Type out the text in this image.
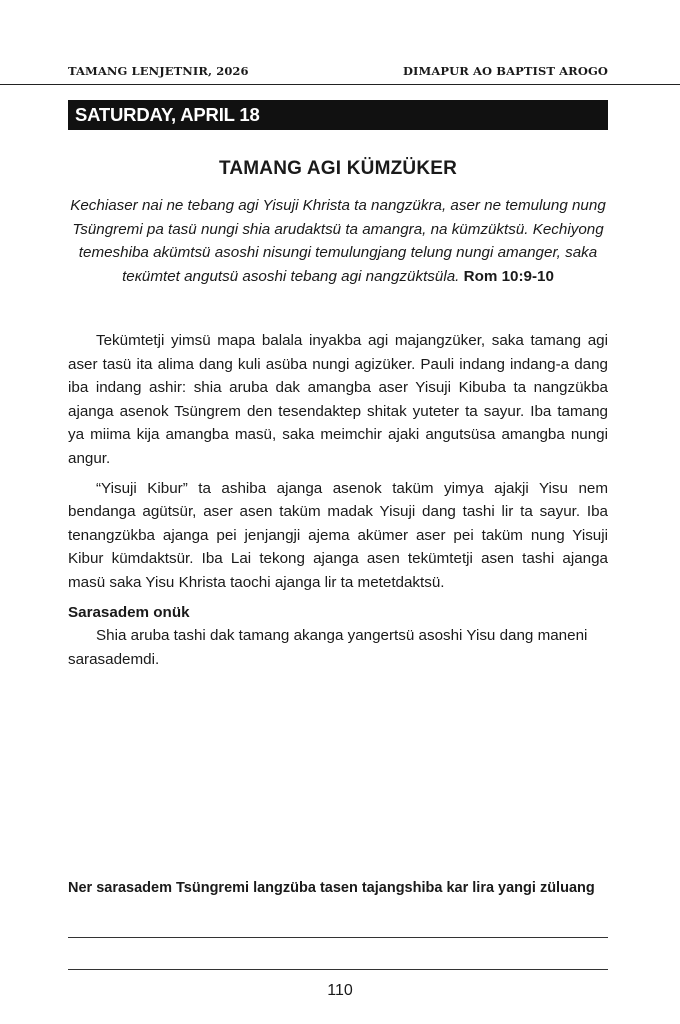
TAMANG LENJETNIR, 2026	DIMAPUR AO BAPTIST AROGO
SATURDAY, APRIL 18
TAMANG AGI KÜMZÜKER
Kechiaser nai ne tebang agi Yisuji Khrista ta nangzükra, aser ne temulung nung Tsüngremi pa tasü nungi shia arudaktsü ta amangra, na kümzüktsü. Kechiyong temeshiba akümtsü asoshi nisungi temulungjang telung nungi amanger, saka teкümtet angutsü asoshi tebang agi nangzüktsüla. Rom 10:9-10

Tekümtetji yimsü mapa balala inyakba agi majangzüker, saka tamang agi aser tasü ita alima dang kuli asüba nungi agizüker. Pauli indang indang-a dang iba indang ashir: shia aruba dak amangba aser Yisuji Kibuba ta nangzükba ajanga asenok Tsüngrem den tesendaktep shitak yuteter ta sayur. Iba tamang ya miima kija amangba masü, saka meimchir ajaki angutsüsa amangba nungi angur.

“Yisuji Kibur” ta ashiba ajanga asenok taküm yimya ajakji Yisu nem bendanga agütsür, aser asen taküm madak Yisuji dang tashi lir ta sayur. Iba tenangzükba ajanga pei jenjangji ajema akümer aser pei taküm nung Yisuji Kibur kümdaktsür. Iba Lai tekong ajanga asen tekümtetji asen tashi ajanga masü saka Yisu Khrista taochi ajanga lir ta metetdaktsü.

Sarasadem onük

Shia aruba tashi dak tamang akanga yangertsü asoshi Yisu dang maneni sarasademdi.

Ner sarasadem Tsüngremi langzüba tasen tajangshiba kar lira yangi züluang
110
